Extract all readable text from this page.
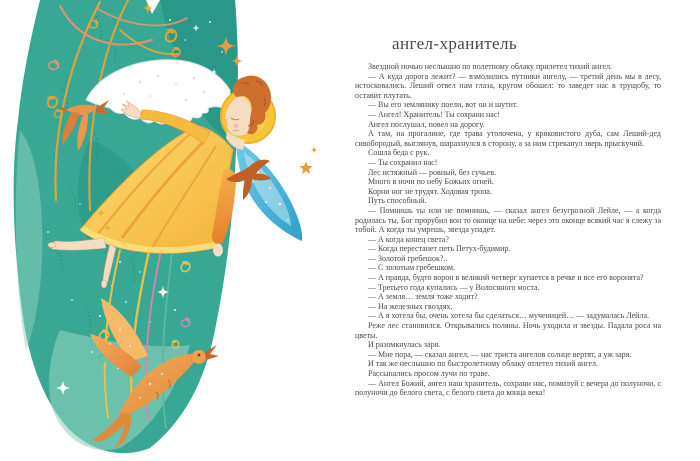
ангел-хранитель

Звездной ночью неслышно по полетному облаку прилетел тихий ангел.

— А куда дорога лежит? — взмолились путники ангелу, — третий день мы в лесу, истосковались. Леший отвел нам глаза, кругом обошел: то заведет нас в трущобу, то оставит плутать.

— Вы его землянику поели, вот он и шутит.

— Ангел! Хранитель! Ты сохрани нас!

Ангел послушал, повел на дорогу.

А там, на прогалине, где трава утолочена, у кряковистого дуба, сам Леший-дед сивобородый, выглянув, шарахнулся в сторону, а за ним стреканул зверь прыскучий.

Сошла беда с рук.

— Ты сохранил нас!

Лес истяжный — ровный, без сучьев.

Много в ночи по небу Божьих огней.

Корни ног не трудят. Ходовая тропа.

Путь способный.

— Помнишь ты или не помнишь, — сказал ангел безугрозной Лейле, — а когда родилась ты, Бог прорубил вон то оконце на небе: через это оконце всякий час я слежу за тобой. А когда ты умрешь, звезда упадет.

— А когда конец света?

— Когда перестанет петь Петух-будимир.

— Золотой гребешок?..

— С золотым гребешком.

— А правда, будто ворон в великий четверг купается в речке и все его воронята?

— Третьего года купались — у Волосяного моста.

— А земля… земля тоже ходит?

— На железных гвоздях.

— А я хотела бы, очень хотела бы сделаться… мученицей… — задумалась Лейла.

Реже лес становился. Открывались поляны. Ночь уходила и звезды. Падала роса на цветы.

И разомкнулась заря.

— Мне пора, — сказал ангел, — нас триста ангелов солнце вертят, а уж заря.

И так же неслышно по быстролетному облаку отлетел тихий ангел.

Рассыпались просом лучи по траве.

— Ангел Божий, ангел наш хранитель, сохрани нас, помилуй с вечера до полуночи, с полуночи до белого света, с белого света до конца века!
